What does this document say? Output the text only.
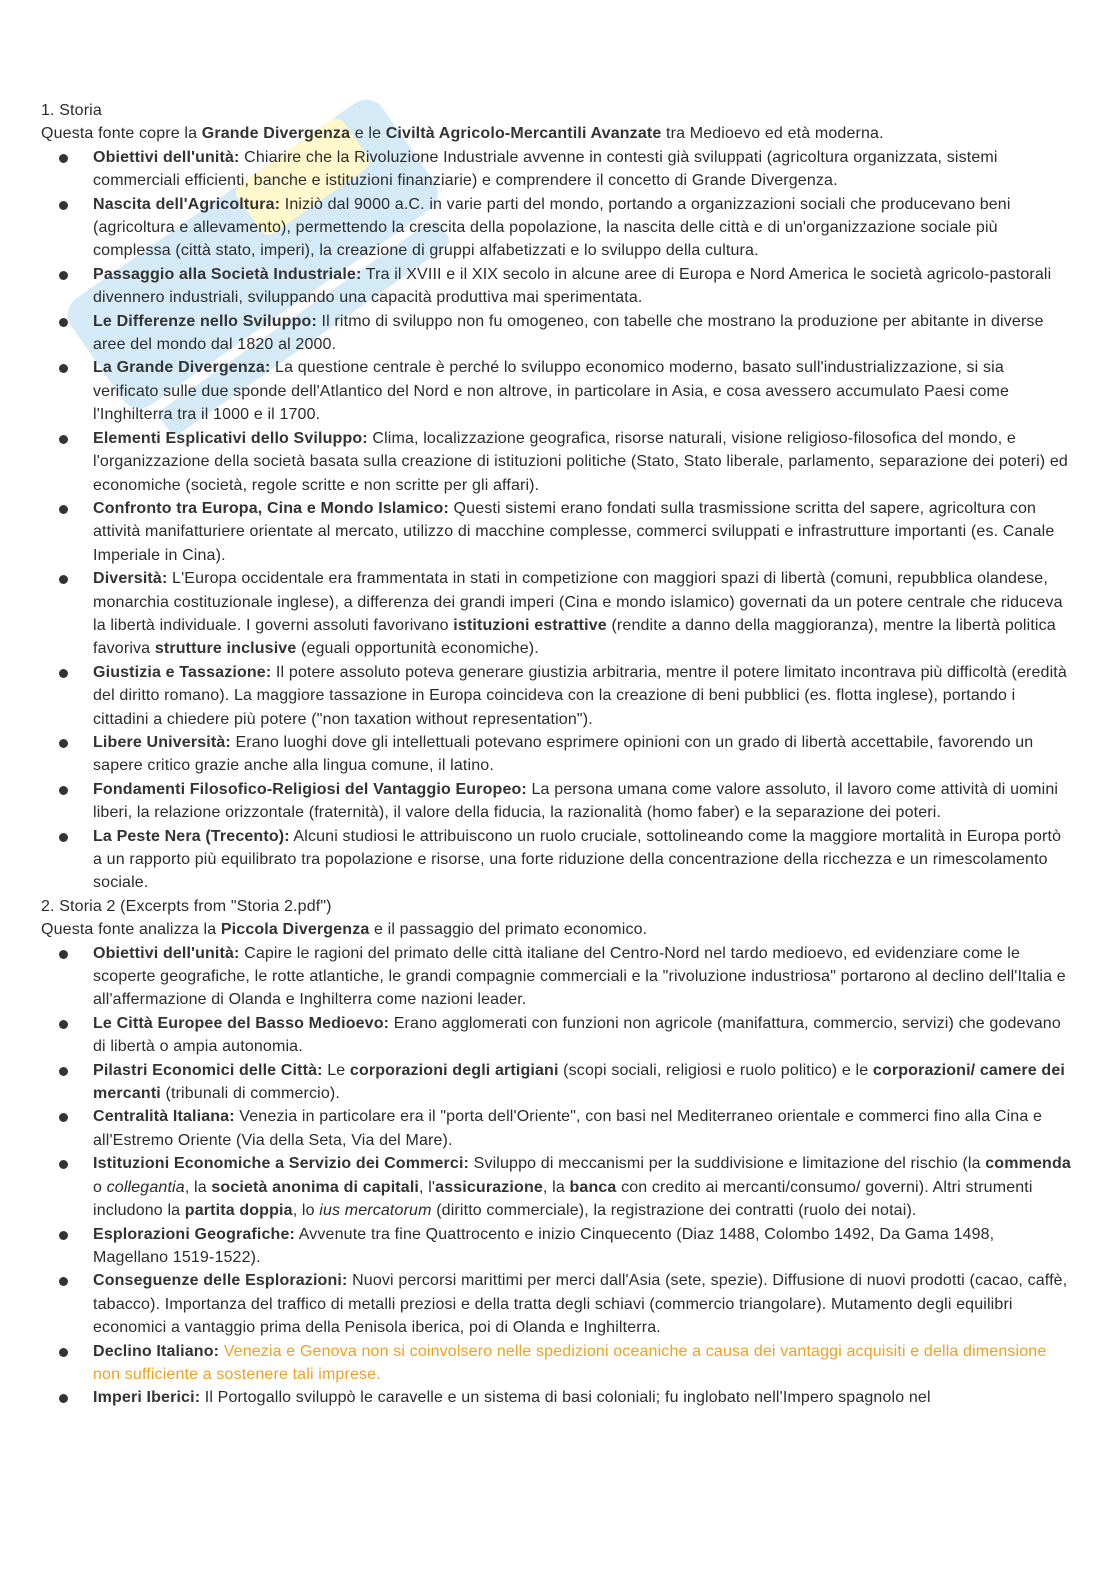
1. Storia

Questa fonte copre la Grande Divergenza e le Civiltà Agricolo-Mercantili Avanzate tra Medioevo ed età moderna.

Obiettivi dell'unità: Chiarire che la Rivoluzione Industriale avvenne in contesti già sviluppati (agricoltura organizzata, sistemi commerciali efficienti, banche e istituzioni finanziarie) e comprendere il concetto di Grande Divergenza.
Nascita dell'Agricoltura: Iniziò dal 9000 a.C. in varie parti del mondo, portando a organizzazioni sociali che producevano beni (agricoltura e allevamento), permettendo la crescita della popolazione, la nascita delle città e di un'organizzazione sociale più complessa (città stato, imperi), la creazione di gruppi alfabetizzati e lo sviluppo della cultura.
Passaggio alla Società Industriale: Tra il XVIII e il XIX secolo in alcune aree di Europa e Nord America le società agricolo-pastorali divennero industriali, sviluppando una capacità produttiva mai sperimentata.
Le Differenze nello Sviluppo: Il ritmo di sviluppo non fu omogeneo, con tabelle che mostrano la produzione per abitante in diverse aree del mondo dal 1820 al 2000.
La Grande Divergenza: La questione centrale è perché lo sviluppo economico moderno, basato sull'industrializzazione, si sia verificato sulle due sponde dell'Atlantico del Nord e non altrove, in particolare in Asia, e cosa avessero accumulato Paesi come l'Inghilterra tra il 1000 e il 1700.
Elementi Esplicativi dello Sviluppo: Clima, localizzazione geografica, risorse naturali, visione religioso-filosofica del mondo, e l'organizzazione della società basata sulla creazione di istituzioni politiche (Stato, Stato liberale, parlamento, separazione dei poteri) ed economiche (società, regole scritte e non scritte per gli affari).
Confronto tra Europa, Cina e Mondo Islamico: Questi sistemi erano fondati sulla trasmissione scritta del sapere, agricoltura con attività manifatturiere orientate al mercato, utilizzo di macchine complesse, commerci sviluppati e infrastrutture importanti (es. Canale Imperiale in Cina).
Diversità: L'Europa occidentale era frammentata in stati in competizione con maggiori spazi di libertà (comuni, repubblica olandese, monarchia costituzionale inglese), a differenza dei grandi imperi (Cina e mondo islamico) governati da un potere centrale che riduceva la libertà individuale. I governi assoluti favorivano istituzioni estrattive (rendite a danno della maggioranza), mentre la libertà politica favoriva strutture inclusive (eguali opportunità economiche).
Giustizia e Tassazione: Il potere assoluto poteva generare giustizia arbitraria, mentre il potere limitato incontrava più difficoltà (eredità del diritto romano). La maggiore tassazione in Europa coincideva con la creazione di beni pubblici (es. flotta inglese), portando i cittadini a chiedere più potere ("non taxation without representation").
Libere Università: Erano luoghi dove gli intellettuali potevano esprimere opinioni con un grado di libertà accettabile, favorendo un sapere critico grazie anche alla lingua comune, il latino.
Fondamenti Filosofico-Religiosi del Vantaggio Europeo: La persona umana come valore assoluto, il lavoro come attività di uomini liberi, la relazione orizzontale (fraternità), il valore della fiducia, la razionalità (homo faber) e la separazione dei poteri.
La Peste Nera (Trecento): Alcuni studiosi le attribuiscono un ruolo cruciale, sottolineando come la maggiore mortalità in Europa portò a un rapporto più equilibrato tra popolazione e risorse, una forte riduzione della concentrazione della ricchezza e un rimescolamento sociale.

2. Storia 2 (Excerpts from "Storia 2.pdf")

Questa fonte analizza la Piccola Divergenza e il passaggio del primato economico.

Obiettivi dell'unità: Capire le ragioni del primato delle città italiane del Centro-Nord nel tardo medioevo, ed evidenziare come le scoperte geografiche, le rotte atlantiche, le grandi compagnie commerciali e la "rivoluzione industriosa" portarono al declino dell'Italia e all'affermazione di Olanda e Inghilterra come nazioni leader.
Le Città Europee del Basso Medioevo: Erano agglomerati con funzioni non agricole (manifattura, commercio, servizi) che godevano di libertà o ampia autonomia.
Pilastri Economici delle Città: Le corporazioni degli artigiani (scopi sociali, religiosi e ruolo politico) e le corporazioni/ camere dei mercanti (tribunali di commercio).
Centralità Italiana: Venezia in particolare era il "porta dell'Oriente", con basi nel Mediterraneo orientale e commerci fino alla Cina e all'Estremo Oriente (Via della Seta, Via del Mare).
Istituzioni Economiche a Servizio dei Commerci: Sviluppo di meccanismi per la suddivisione e limitazione del rischio (la commenda o collegantia, la società anonima di capitali, l'assicurazione, la banca con credito ai mercanti/consumo/ governi). Altri strumenti includono la partita doppia, lo ius mercatorum (diritto commerciale), la registrazione dei contratti (ruolo dei notai).
Esplorazioni Geografiche: Avvenute tra fine Quattrocento e inizio Cinquecento (Diaz 1488, Colombo 1492, Da Gama 1498, Magellano 1519-1522).
Conseguenze delle Esplorazioni: Nuovi percorsi marittimi per merci dall'Asia (sete, spezie). Diffusione di nuovi prodotti (cacao, caffè, tabacco). Importanza del traffico di metalli preziosi e della tratta degli schiavi (commercio triangolare). Mutamento degli equilibri economici a vantaggio prima della Penisola iberica, poi di Olanda e Inghilterra.
Declino Italiano: Venezia e Genova non si coinvolsero nelle spedizioni oceaniche a causa dei vantaggi acquisiti e della dimensione non sufficiente a sostenere tali imprese.
Imperi Iberici: Il Portogallo sviluppò le caravelle e un sistema di basi coloniali; fu inglobato nell'Impero spagnolo nel
